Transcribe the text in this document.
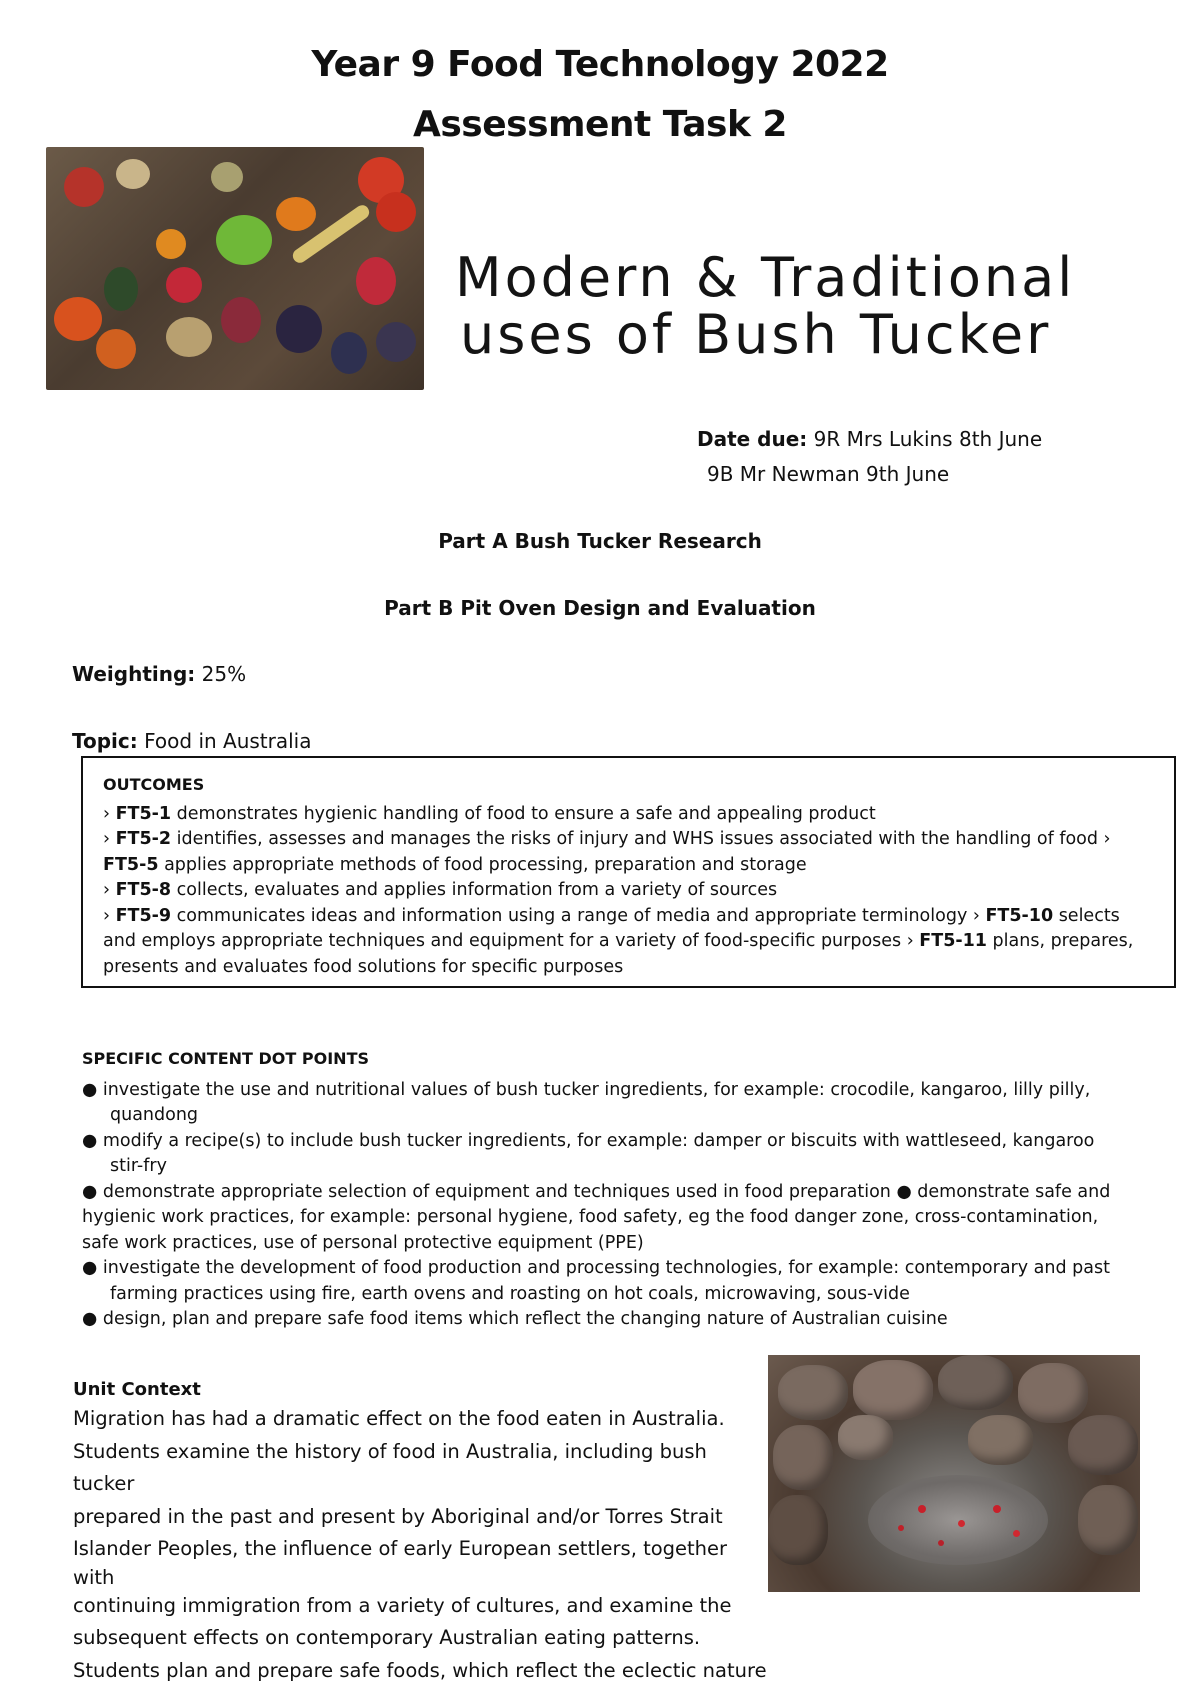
Year 9 Food Technology 2022
Assessment Task 2
Modern & Traditional
uses of Bush Tucker
Date due: 9R Mrs Lukins 8th June
9B Mr Newman 9th June
Part A Bush Tucker Research
Part B Pit Oven Design and Evaluation
Weighting: 25%
Topic: Food in Australia
OUTCOMES
› FT5-1 demonstrates hygienic handling of food to ensure a safe and appealing product
› FT5-2 identifies, assesses and manages the risks of injury and WHS issues associated with the handling of food › FT5-5 applies appropriate methods of food processing, preparation and storage
› FT5-8 collects, evaluates and applies information from a variety of sources
› FT5-9 communicates ideas and information using a range of media and appropriate terminology › FT5-10 selects and employs appropriate techniques and equipment for a variety of food-specific purposes › FT5-11 plans, prepares, presents and evaluates food solutions for specific purposes
SPECIFIC CONTENT DOT POINTS
● investigate the use and nutritional values of bush tucker ingredients, for example: crocodile, kangaroo, lilly pilly,
quandong
● modify a recipe(s) to include bush tucker ingredients, for example: damper or biscuits with wattleseed, kangaroo
stir-fry
● demonstrate appropriate selection of equipment and techniques used in food preparation ● demonstrate safe and
hygienic work practices, for example: personal hygiene, food safety, eg the food danger zone, cross-contamination,
safe work practices, use of personal protective equipment (PPE)
● investigate the development of food production and processing technologies, for example: contemporary and past
farming practices using fire, earth ovens and roasting on hot coals, microwaving, sous-vide
● design, plan and prepare safe food items which reflect the changing nature of Australian cuisine
Unit Context
Migration has had a dramatic effect on the food eaten in Australia.
Students examine the history of food in Australia, including bush tucker
prepared in the past and present by Aboriginal and/or Torres Strait
Islander Peoples, the influence of early European settlers, together
with
continuing immigration from a variety of cultures, and examine the
subsequent effects on contemporary Australian eating patterns.
Students plan and prepare safe foods, which reflect the eclectic nature
